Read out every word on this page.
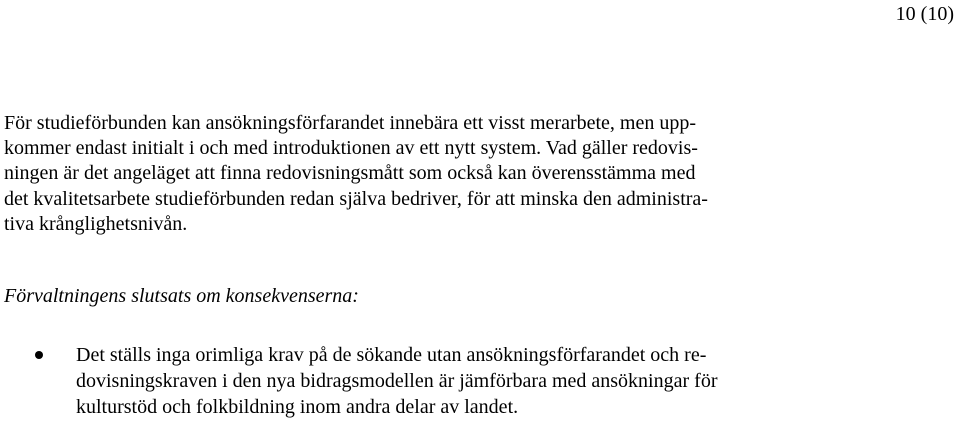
10 (10)
För studieförbunden kan ansökningsförfarandet innebära ett visst merarbete, men upp-
kommer endast initialt i och med introduktionen av ett nytt system. Vad gäller redovis-
ningen är det angeläget att finna redovisningsmått som också kan överensstämma med
det kvalitetsarbete studieförbunden redan själva bedriver, för att minska den administra-
tiva krånglighetsnivån.
Förvaltningens slutsats om konsekvenserna:
Det ställs inga orimliga krav på de sökande utan ansökningsförfarandet och re-
dovisningskraven i den nya bidragsmodellen är jämförbara med ansökningar för
kulturstöd och folkbildning inom andra delar av landet.
